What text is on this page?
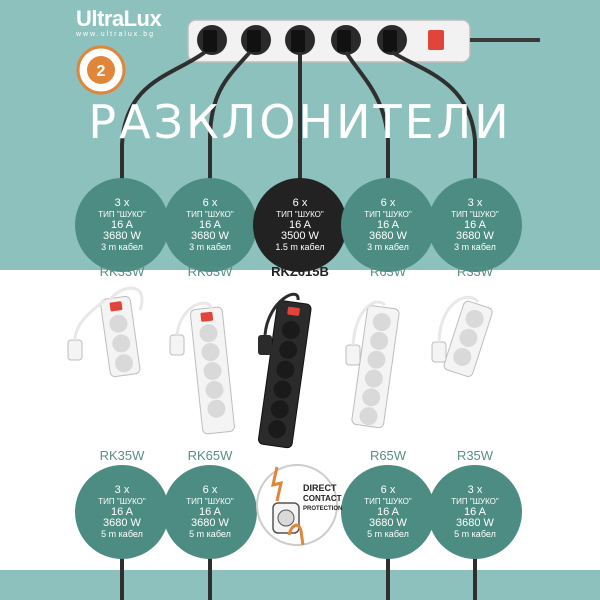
UltraLux
www.ultralux.bg
2
РАЗКЛОНИТЕЛИ
3 x
ТИП "ШУКО"
16 A
3680 W
3 m кабел
6 x
ТИП "ШУКО"
16 A
3680 W
3 m кабел
6 x
ТИП "ШУКО"
16 A
3500 W
1.5 m кабел
6 x
ТИП "ШУКО"
16 A
3680 W
3 m кабел
3 x
ТИП "ШУКО"
16 A
3680 W
3 m кабел
RK33W	RK63W	RKZ615B	R63W	R33W
RK35W	RK65W	R65W	R35W
3 x
ТИП "ШУКО"
16 A
3680 W
5 m кабел
6 x
ТИП "ШУКО"
16 A
3680 W
5 m кабел
6 x
ТИП "ШУКО"
16 A
3680 W
5 m кабел
3 x
ТИП "ШУКО"
16 A
3680 W
5 m кабел
DIRECT
CONTACT
PROTECTION
